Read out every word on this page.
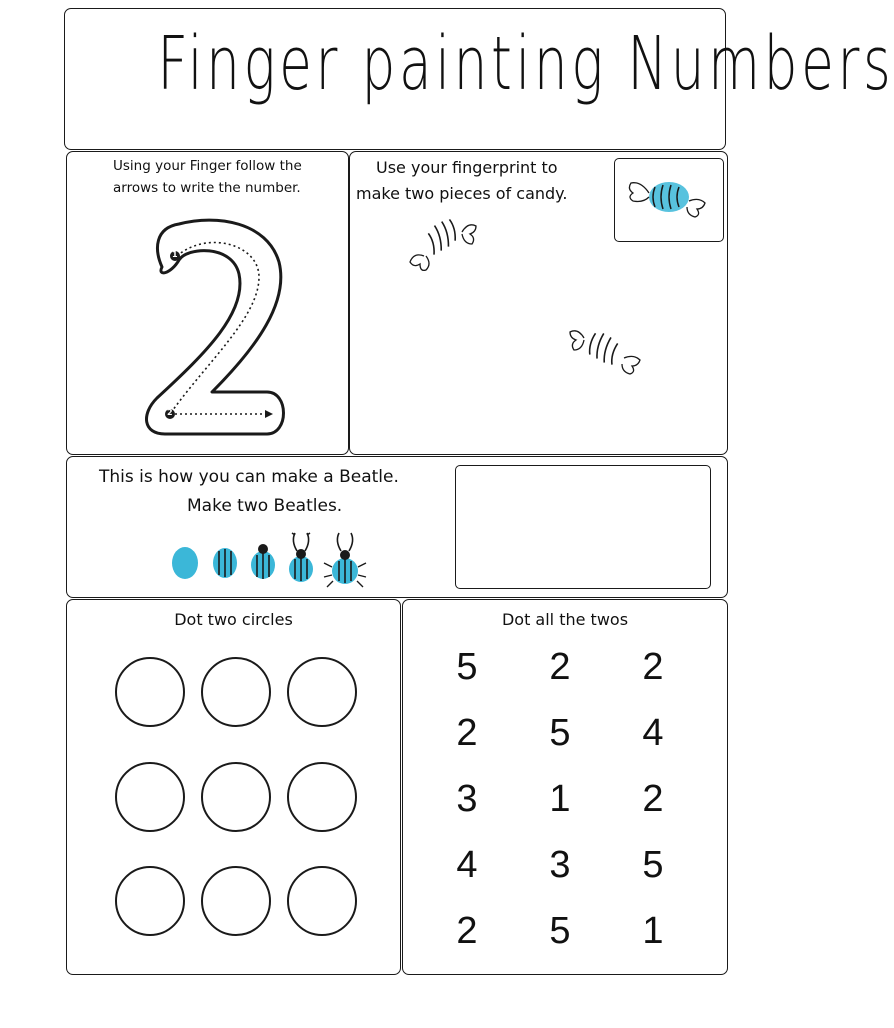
Finger painting Numbers
Using your Finger follow the
arrows to write the number.
1
2
Use your fingerprint to
make two pieces of candy.
This is how you can make a Beatle.
Make two Beatles.
Dot two circles	Dot all the twos
5 2 2
2 5 4
3 1 2
4 3 5
2 5 1
